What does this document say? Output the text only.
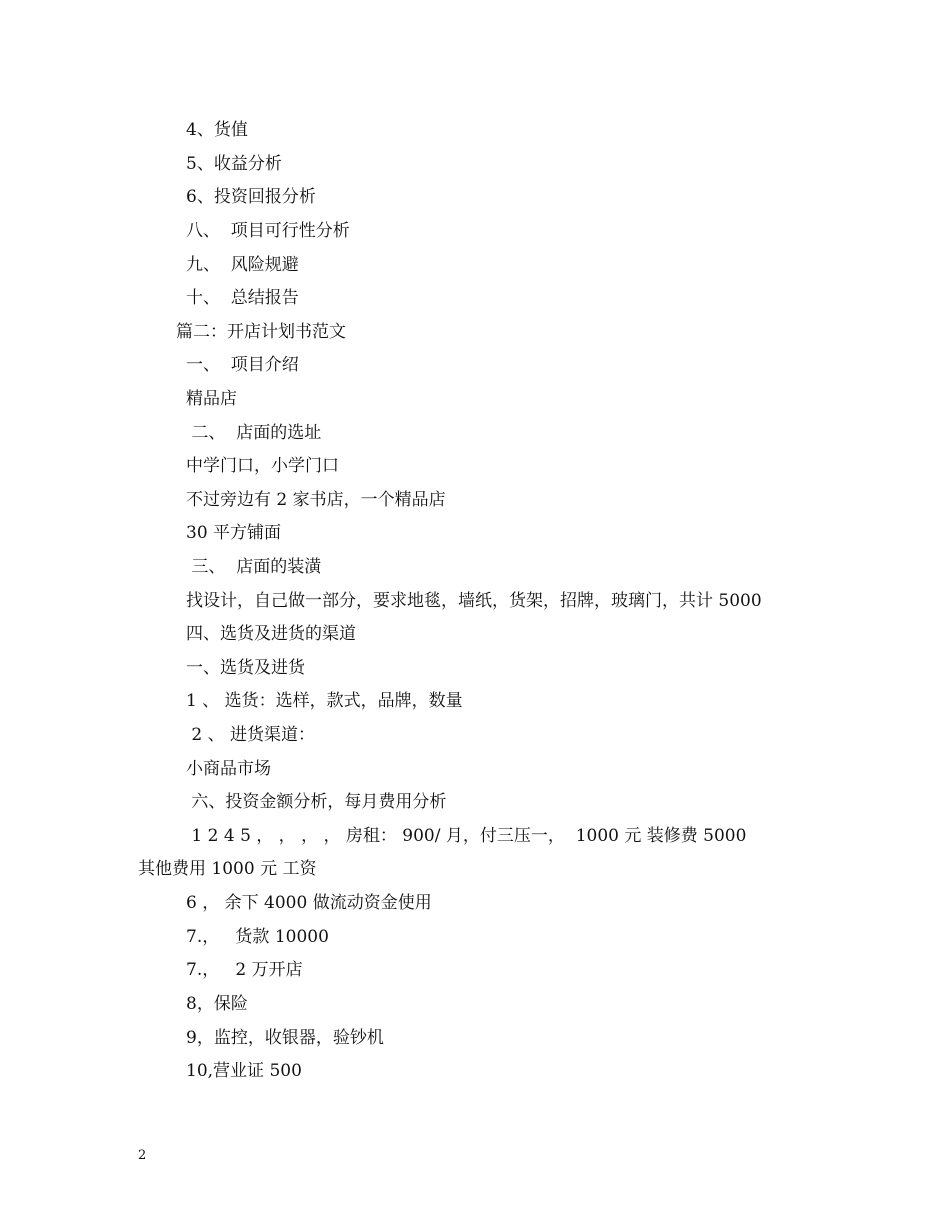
4、货值
5、收益分析
6、投资回报分析
八、  项目可行性分析
九、  风险规避
十、  总结报告
篇二：开店计划书范文
一、  项目介绍
精品店
二、  店面的选址
中学门口，小学门口
不过旁边有 2 家书店，一个精品店
30 平方铺面
三、  店面的装潢
找设计，自己做一部分，要求地毯，墙纸，货架，招牌，玻璃门，共计 5000
四、选货及进货的渠道
一、选货及进货
1 、 选货：选样，款式，品牌，数量
2 、 进货渠道：
小商品市场
六、投资金额分析，每月费用分析
1 2 4 5 ， ， ， ， 房租： 900/ 月，付三压一，  1000 元 装修费 5000
其他费用 1000 元 工资
6 ， 余下 4000 做流动资金使用
7.，   货款 10000
7.，   2 万开店
8，保险
9，监控，收银器，验钞机
10,营业证 500
2
